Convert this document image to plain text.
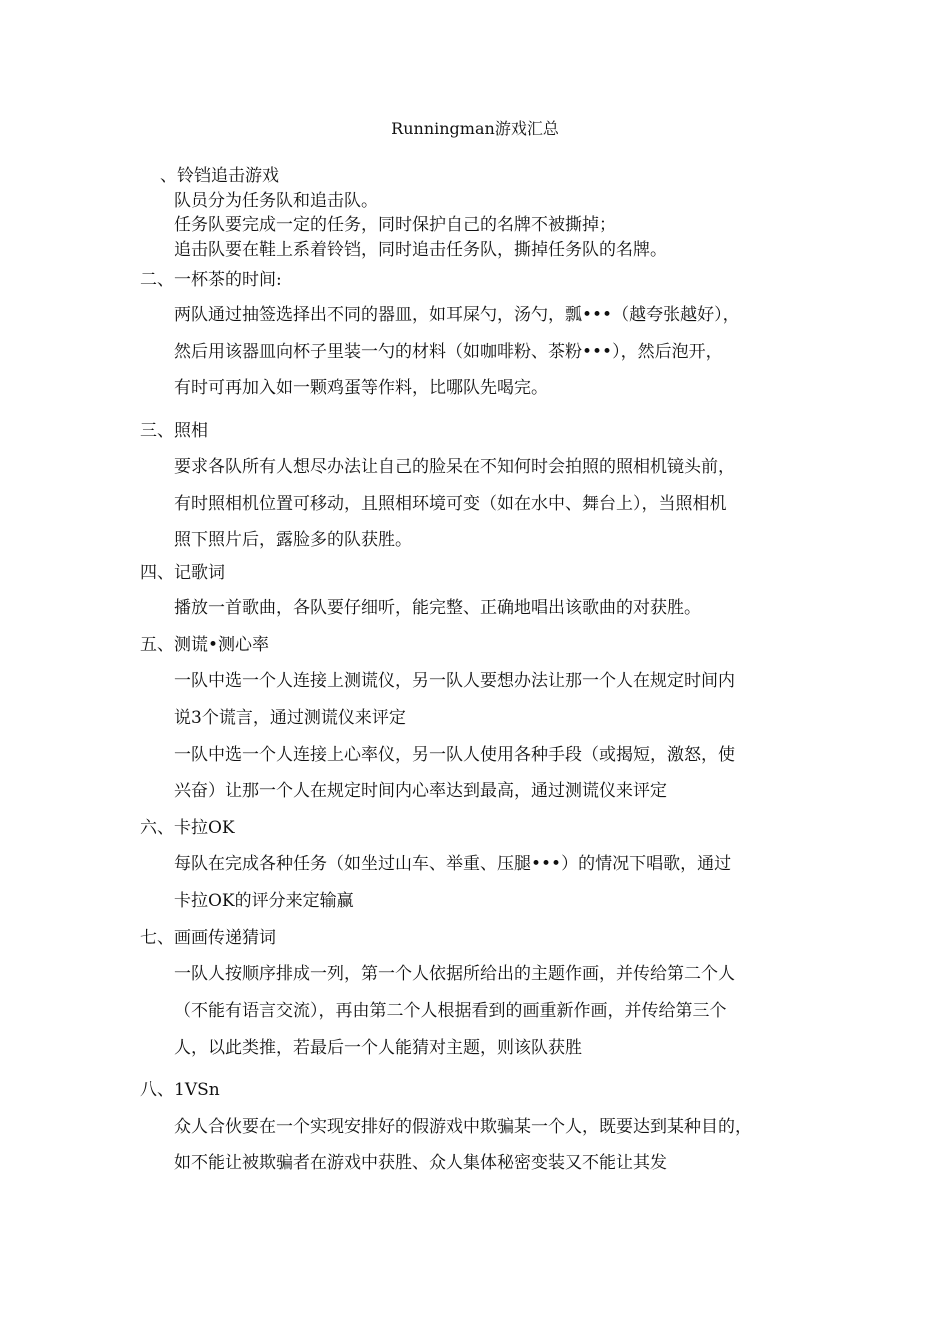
Runningman游戏汇总
、铃铛追击游戏
队员分为任务队和追击队。
任务队要完成一定的任务，同时保护自己的名牌不被撕掉；
追击队要在鞋上系着铃铛，同时追击任务队，撕掉任务队的名牌。
二、一杯茶的时间:
两队通过抽签选择出不同的器皿，如耳屎勺，汤勺，瓢•••（越夸张越好），
然后用该器皿向杯子里装一勺的材料（如咖啡粉、茶粉•••），然后泡开，
有时可再加入如一颗鸡蛋等作料，比哪队先喝完。
三、照相
要求各队所有人想尽办法让自己的脸呆在不知何时会拍照的照相机镜头前，
有时照相机位置可移动，且照相环境可变（如在水中、舞台上），当照相机
照下照片后，露脸多的队获胜。
四、记歌词
播放一首歌曲，各队要仔细听，能完整、正确地唱出该歌曲的对获胜。
五、测谎•测心率
一队中选一个人连接上测谎仪，另一队人要想办法让那一个人在规定时间内
说3个谎言，通过测谎仪来评定
一队中选一个人连接上心率仪，另一队人使用各种手段（或揭短，激怒，使
兴奋）让那一个人在规定时间内心率达到最高，通过测谎仪来评定
六、卡拉OK
每队在完成各种任务（如坐过山车、举重、压腿•••）的情况下唱歌，通过
卡拉OK的评分来定输赢
七、画画传递猜词
一队人按顺序排成一列，第一个人依据所给出的主题作画，并传给第二个人
（不能有语言交流），再由第二个人根据看到的画重新作画，并传给第三个
人，以此类推，若最后一个人能猜对主题，则该队获胜
八、1VSn
众人合伙要在一个实现安排好的假游戏中欺骗某一个人，既要达到某种目的，
如不能让被欺骗者在游戏中获胜、众人集体秘密变装又不能让其发
